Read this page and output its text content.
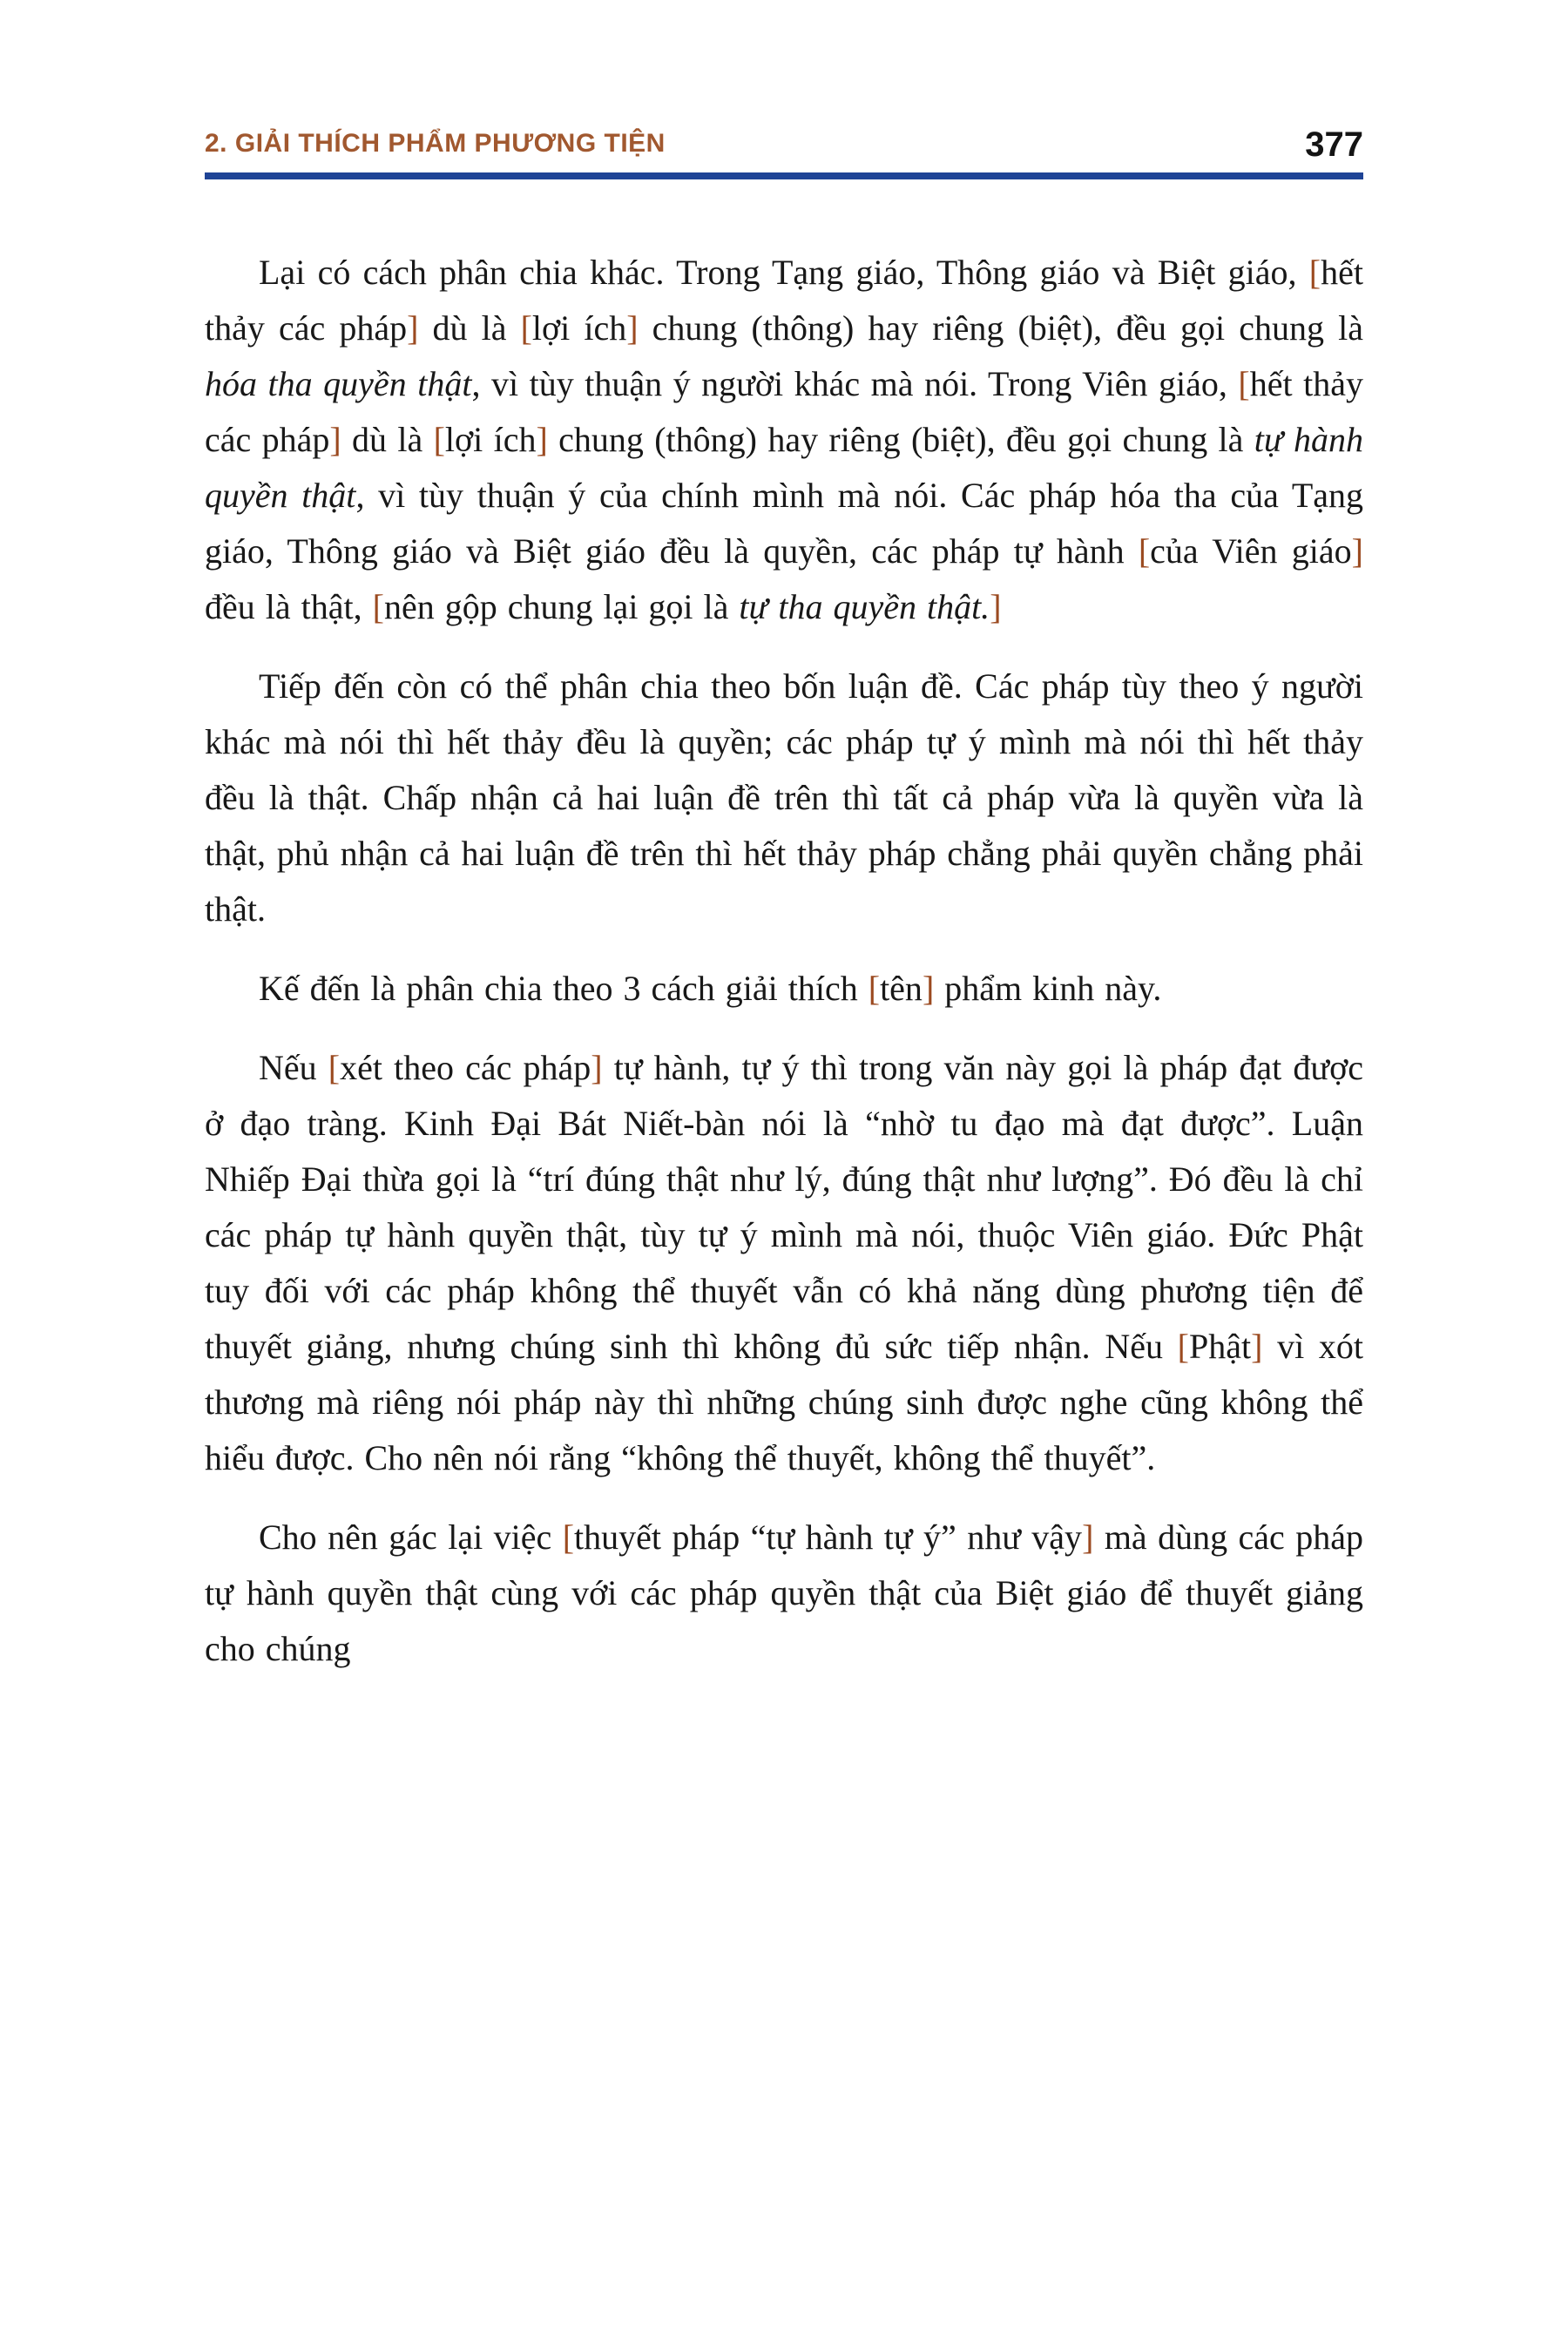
2. GIẢI THÍCH PHẨM PHƯƠNG TIỆN	377

Lại có cách phân chia khác. Trong Tạng giáo, Thông giáo và Biệt giáo, [hết thảy các pháp] dù là [lợi ích] chung (thông) hay riêng (biệt), đều gọi chung là hóa tha quyền thật, vì tùy thuận ý người khác mà nói. Trong Viên giáo, [hết thảy các pháp] dù là [lợi ích] chung (thông) hay riêng (biệt), đều gọi chung là tự hành quyền thật, vì tùy thuận ý của chính mình mà nói. Các pháp hóa tha của Tạng giáo, Thông giáo và Biệt giáo đều là quyền, các pháp tự hành [của Viên giáo] đều là thật, [nên gộp chung lại gọi là tự tha quyền thật.]

Tiếp đến còn có thể phân chia theo bốn luận đề. Các pháp tùy theo ý người khác mà nói thì hết thảy đều là quyền; các pháp tự ý mình mà nói thì hết thảy đều là thật. Chấp nhận cả hai luận đề trên thì tất cả pháp vừa là quyền vừa là thật, phủ nhận cả hai luận đề trên thì hết thảy pháp chẳng phải quyền chẳng phải thật.

Kế đến là phân chia theo 3 cách giải thích [tên] phẩm kinh này.

Nếu [xét theo các pháp] tự hành, tự ý thì trong văn này gọi là pháp đạt được ở đạo tràng. Kinh Đại Bát Niết-bàn nói là “nhờ tu đạo mà đạt được”. Luận Nhiếp Đại thừa gọi là “trí đúng thật như lý, đúng thật như lượng”. Đó đều là chỉ các pháp tự hành quyền thật, tùy tự ý mình mà nói, thuộc Viên giáo. Đức Phật tuy đối với các pháp không thể thuyết vẫn có khả năng dùng phương tiện để thuyết giảng, nhưng chúng sinh thì không đủ sức tiếp nhận. Nếu [Phật] vì xót thương mà riêng nói pháp này thì những chúng sinh được nghe cũng không thể hiểu được. Cho nên nói rằng “không thể thuyết, không thể thuyết”.

Cho nên gác lại việc [thuyết pháp “tự hành tự ý” như vậy] mà dùng các pháp tự hành quyền thật cùng với các pháp quyền thật của Biệt giáo để thuyết giảng cho chúng
